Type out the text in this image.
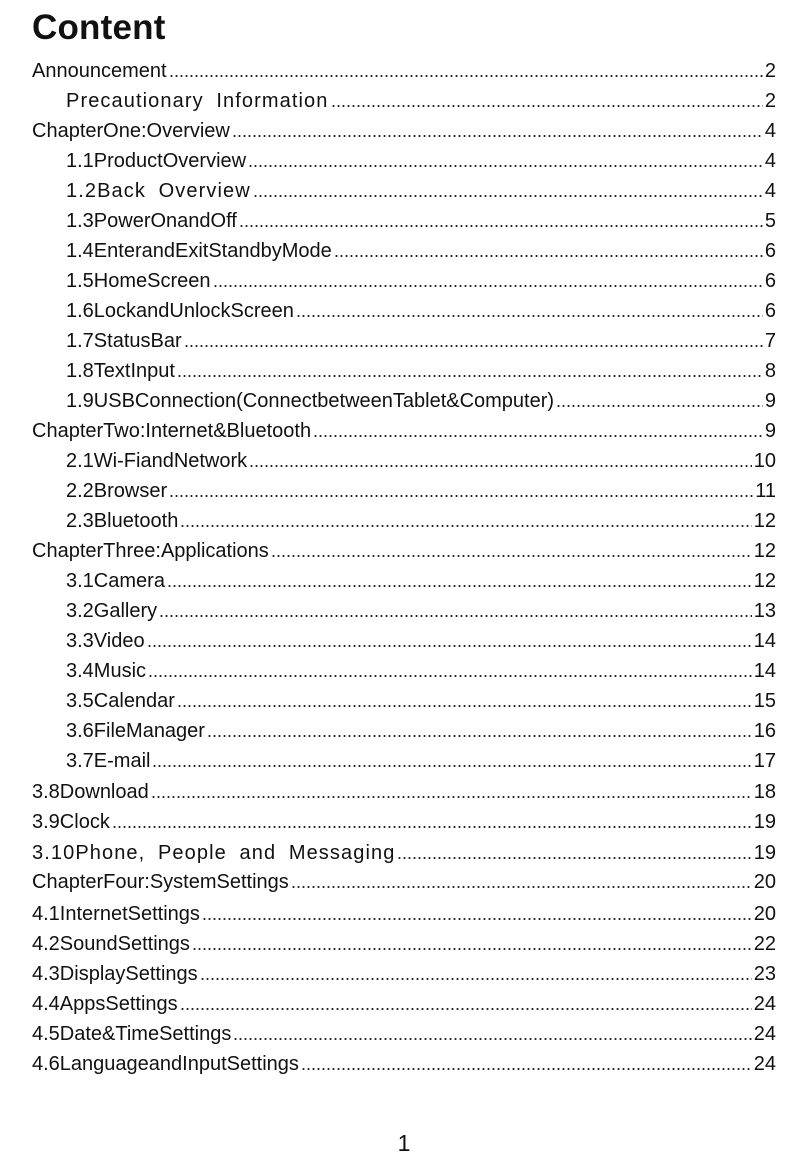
Content
Announcement	2
Precautionary Information	2
ChapterOne:Overview	4
1.1ProductOverview	4
1.2Back Overview	4
1.3PowerOnandOff	5
1.4EnterandExitStandbyMode	6
1.5HomeScreen	6
1.6LockandUnlockScreen	6
1.7StatusBar	7
1.8TextInput	8
1.9USBConnection(ConnectbetweenTablet&Computer)	9
ChapterTwo:Internet&Bluetooth	9
2.1Wi-FiandNetwork	10
2.2Browser	11
2.3Bluetooth	12
ChapterThree:Applications	12
3.1Camera	12
3.2Gallery	13
3.3Video	14
3.4Music	14
3.5Calendar	15
3.6FileManager	16
3.7E-mail	17
3.8Download	18
3.9Clock	19
3.10Phone, People and Messaging	19
ChapterFour:SystemSettings	20
4.1InternetSettings	20
4.2SoundSettings	22
4.3DisplaySettings	23
4.4AppsSettings	24
4.5Date&TimeSettings	24
4.6LanguageandInputSettings	24
1
